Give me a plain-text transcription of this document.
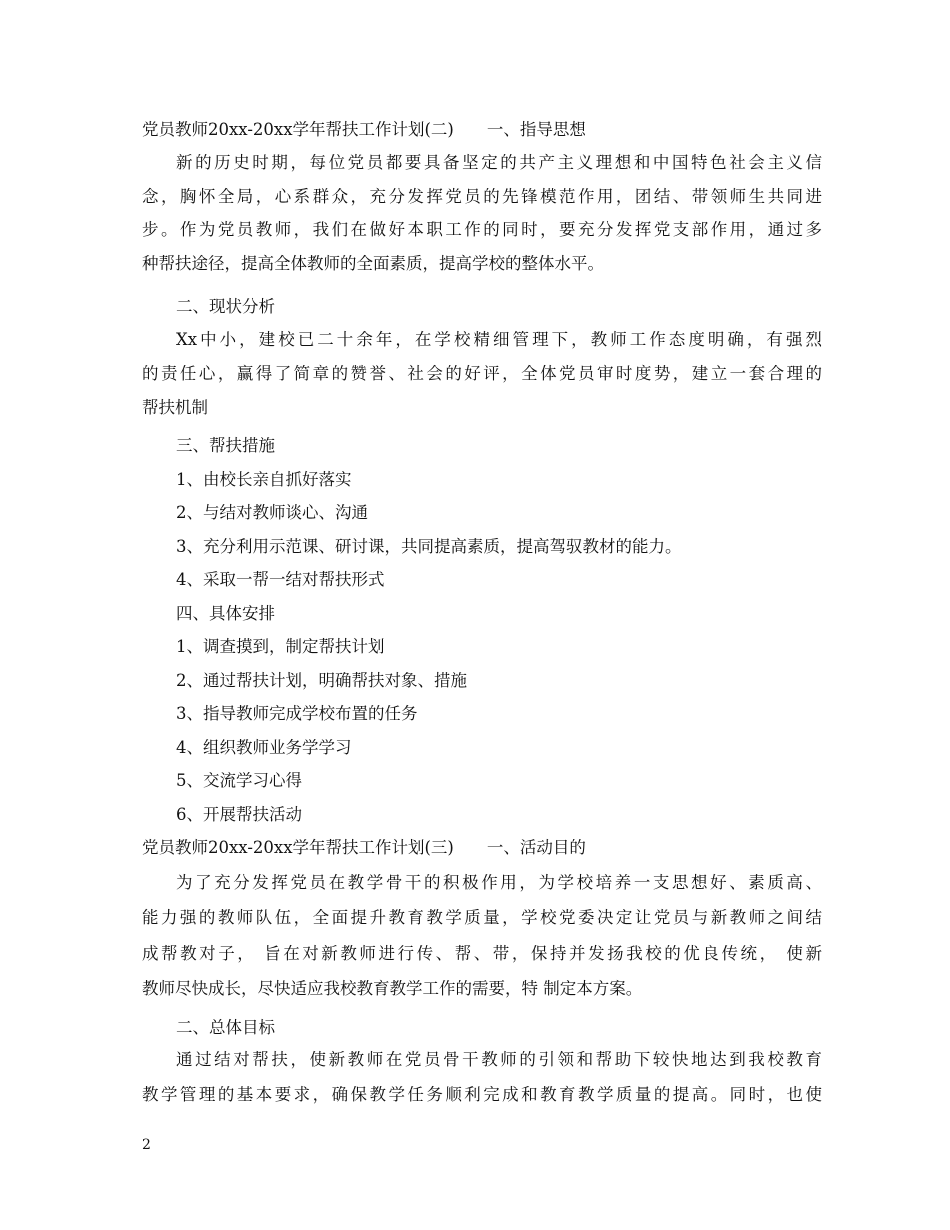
党员教师20xx-20xx学年帮扶工作计划(二)　　一、指导思想
新的历史时期，每位党员都要具备坚定的共产主义理想和中国特色社会主义信
念，胸怀全局，心系群众，充分发挥党员的先锋模范作用，团结、带领师生共同进
步。作为党员教师，我们在做好本职工作的同时，要充分发挥党支部作用，通过多
种帮扶途径，提高全体教师的全面素质，提高学校的整体水平。
二、现状分析
Xx中小，建校已二十余年，在学校精细管理下，教师工作态度明确，有强烈
的责任心，赢得了简章的赞誉、社会的好评，全体党员审时度势，建立一套合理的
帮扶机制
三、帮扶措施
1、由校长亲自抓好落实
2、与结对教师谈心、沟通
3、充分利用示范课、研讨课，共同提高素质，提高驾驭教材的能力。
4、采取一帮一结对帮扶形式
四、具体安排
1、调查摸到，制定帮扶计划
2、通过帮扶计划，明确帮扶对象、措施
3、指导教师完成学校布置的任务
4、组织教师业务学学习
5、交流学习心得
6、开展帮扶活动
党员教师20xx-20xx学年帮扶工作计划(三)　　一、活动目的
为了充分发挥党员在教学骨干的积极作用，为学校培养一支思想好、素质高、
能力强的教师队伍，全面提升教育教学质量，学校党委决定让党员与新教师之间结
成帮教对子， 旨在对新教师进行传、帮、带，保持并发扬我校的优良传统， 使新
教师尽快成长，尽快适应我校教育教学工作的需要，特 制定本方案。
二、总体目标
通过结对帮扶，使新教师在党员骨干教师的引领和帮助下较快地达到我校教育
教学管理的基本要求，确保教学任务顺利完成和教育教学质量的提高。同时，也使
2
